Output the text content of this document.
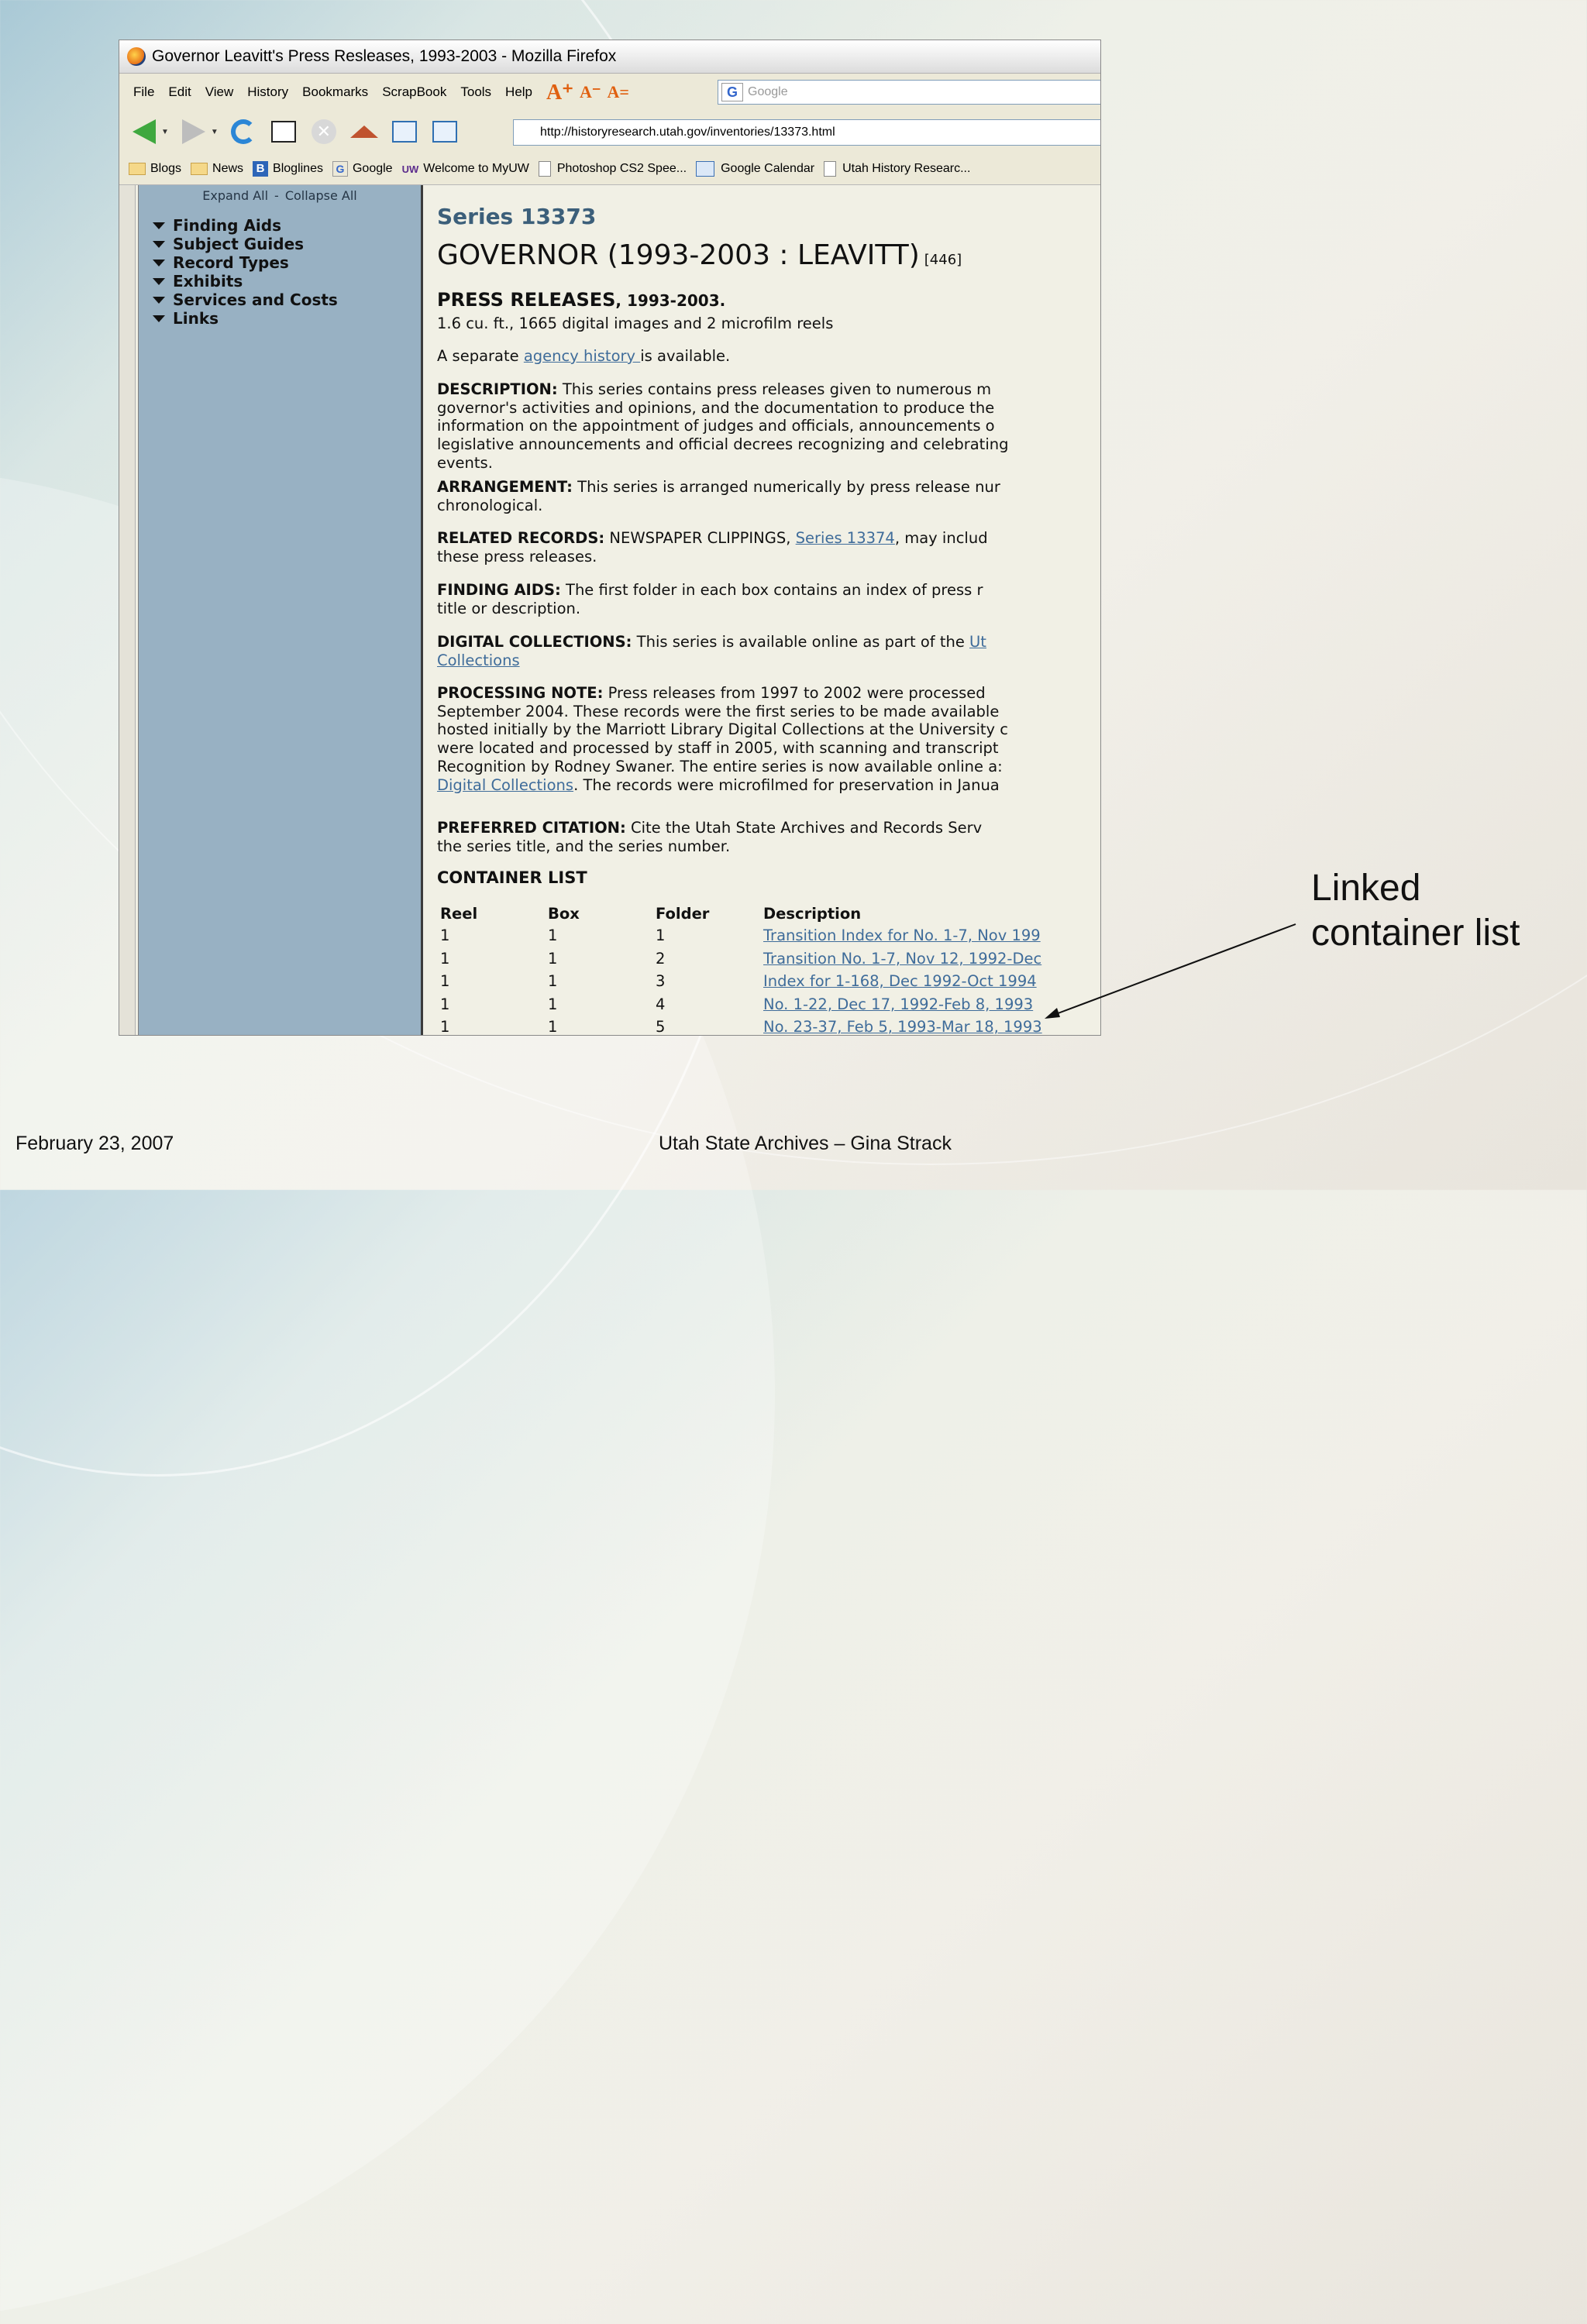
Governor Leavitt's Press Resleases, 1993-2003 - Mozilla Firefox
File Edit View History Bookmarks ScrapBook Tools Help A⁺ A⁻ A=	G Google
▼	▼	✕	http://historyresearch.utah.gov/inventories/13373.html
Blogs	News	B Bloglines	G Google UW Welcome to MyUW Photoshop CS2 Spee...	Google Calendar Utah History Researc...
Expand All - Collapse All
Finding Aids
Subject Guides
Record Types
Exhibits
Services and Costs
Links
Series 13373
GOVERNOR (1993-2003 : LEAVITT) [446]
PRESS RELEASES, 1993-2003.
1.6 cu. ft., 1665 digital images and 2 microfilm reels
A separate agency history is available.
DESCRIPTION: This series contains press releases given to numerous m
governor's activities and opinions, and the documentation to produce the
information on the appointment of judges and officials, announcements o
legislative announcements and official decrees recognizing and celebrating
events.
ARRANGEMENT: This series is arranged numerically by press release nur
chronological.
RELATED RECORDS: NEWSPAPER CLIPPINGS, Series 13374, may includ
these press releases.
FINDING AIDS: The first folder in each box contains an index of press r
title or description.
DIGITAL COLLECTIONS: This series is available online as part of the Ut
Collections
PROCESSING NOTE: Press releases from 1997 to 2002 were processed
September 2004. These records were the first series to be made available
hosted initially by the Marriott Library Digital Collections at the University c
were located and processed by staff in 2005, with scanning and transcript
Recognition by Rodney Swaner. The entire series is now available online a:
Digital Collections. The records were microfilmed for preservation in Janua
PREFERRED CITATION: Cite the Utah State Archives and Records Serv
the series title, and the series number.
CONTAINER LIST
Reel	Box	Folder	Description
1	1	1	Transition Index for No. 1-7, Nov 199
1	1	2	Transition No. 1-7, Nov 12, 1992-Dec
1	1	3	Index for 1-168, Dec 1992-Oct 1994
1	1	4	No. 1-22, Dec 17, 1992-Feb 8, 1993
1	1	5	No. 23-37, Feb 5, 1993-Mar 18, 1993
Linked
container list
February 23, 2007	Utah State Archives – Gina Strack
